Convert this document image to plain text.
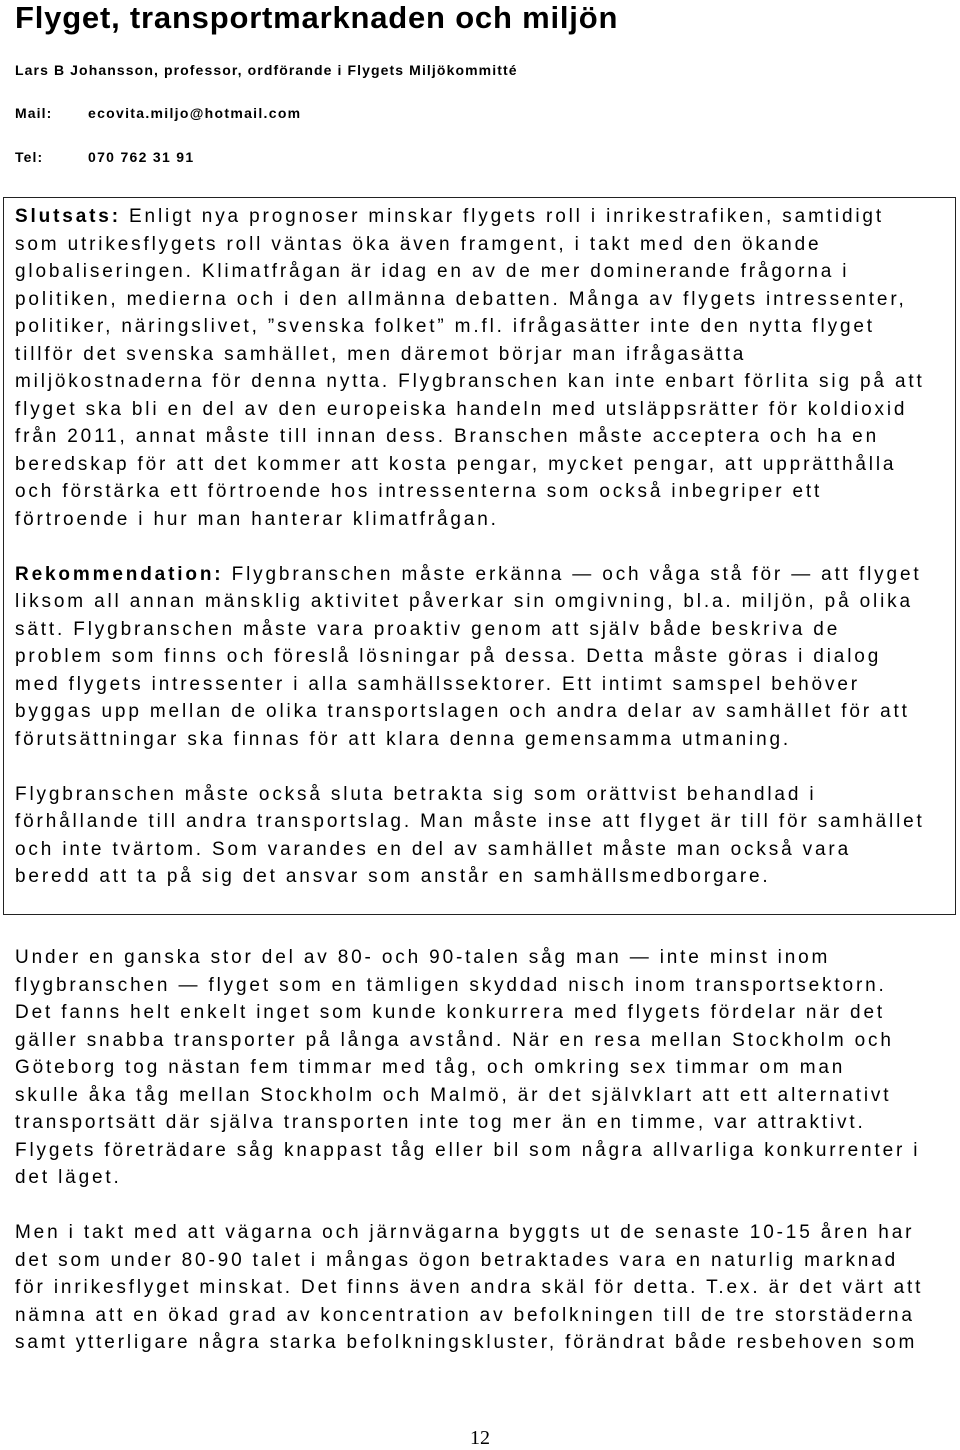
Flyget, transportmarknaden och miljön
Lars B Johansson, professor, ordförande i Flygets Miljökommitté
Mail:	ecovita.miljo@hotmail.com
Tel:	070 762 31 91
Slutsats: Enligt nya prognoser minskar flygets roll i inrikestrafiken, samtidigt
som utrikesflygets roll väntas öka även framgent, i takt med den ökande
globaliseringen. Klimatfrågan är idag en av de mer dominerande frågorna i
politiken, medierna och i den allmänna debatten. Många av flygets intressenter,
politiker, näringslivet, ”svenska folket” m.fl. ifrågasätter inte den nytta flyget
tillför det svenska samhället, men däremot börjar man ifrågasätta
miljökostnaderna för denna nytta. Flygbranschen kan inte enbart förlita sig på att
flyget ska bli en del av den europeiska handeln med utsläppsrätter för koldioxid
från 2011, annat måste till innan dess. Branschen måste acceptera och ha en
beredskap för att det kommer att kosta pengar, mycket pengar, att upprätthålla
och förstärka ett förtroende hos intressenterna som också inbegriper ett
förtroende i hur man hanterar klimatfrågan.
Rekommendation: Flygbranschen måste erkänna — och våga stå för — att flyget
liksom all annan mänsklig aktivitet påverkar sin omgivning, bl.a. miljön, på olika
sätt. Flygbranschen måste vara proaktiv genom att själv både beskriva de
problem som finns och föreslå lösningar på dessa. Detta måste göras i dialog
med flygets intressenter i alla samhällssektorer. Ett intimt samspel behöver
byggas upp mellan de olika transportslagen och andra delar av samhället för att
förutsättningar ska finnas för att klara denna gemensamma utmaning.
Flygbranschen måste också sluta betrakta sig som orättvist behandlad i
förhållande till andra transportslag. Man måste inse att flyget är till för samhället
och inte tvärtom. Som varandes en del av samhället måste man också vara
beredd att ta på sig det ansvar som anstår en samhällsmedborgare.
Under en ganska stor del av 80- och 90-talen såg man — inte minst inom
flygbranschen — flyget som en tämligen skyddad nisch inom transportsektorn.
Det fanns helt enkelt inget som kunde konkurrera med flygets fördelar när det
gäller snabba transporter på långa avstånd. När en resa mellan Stockholm och
Göteborg tog nästan fem timmar med tåg, och omkring sex timmar om man
skulle åka tåg mellan Stockholm och Malmö, är det självklart att ett alternativt
transportsätt där själva transporten inte tog mer än en timme, var attraktivt.
Flygets företrädare såg knappast tåg eller bil som några allvarliga konkurrenter i
det läget.
Men i takt med att vägarna och järnvägarna byggts ut de senaste 10-15 åren har
det som under 80-90 talet i mångas ögon betraktades vara en naturlig marknad
för inrikesflyget minskat. Det finns även andra skäl för detta. T.ex. är det värt att
nämna att en ökad grad av koncentration av befolkningen till de tre storstäderna
samt ytterligare några starka befolkningskluster, förändrat både resbehoven som
12
